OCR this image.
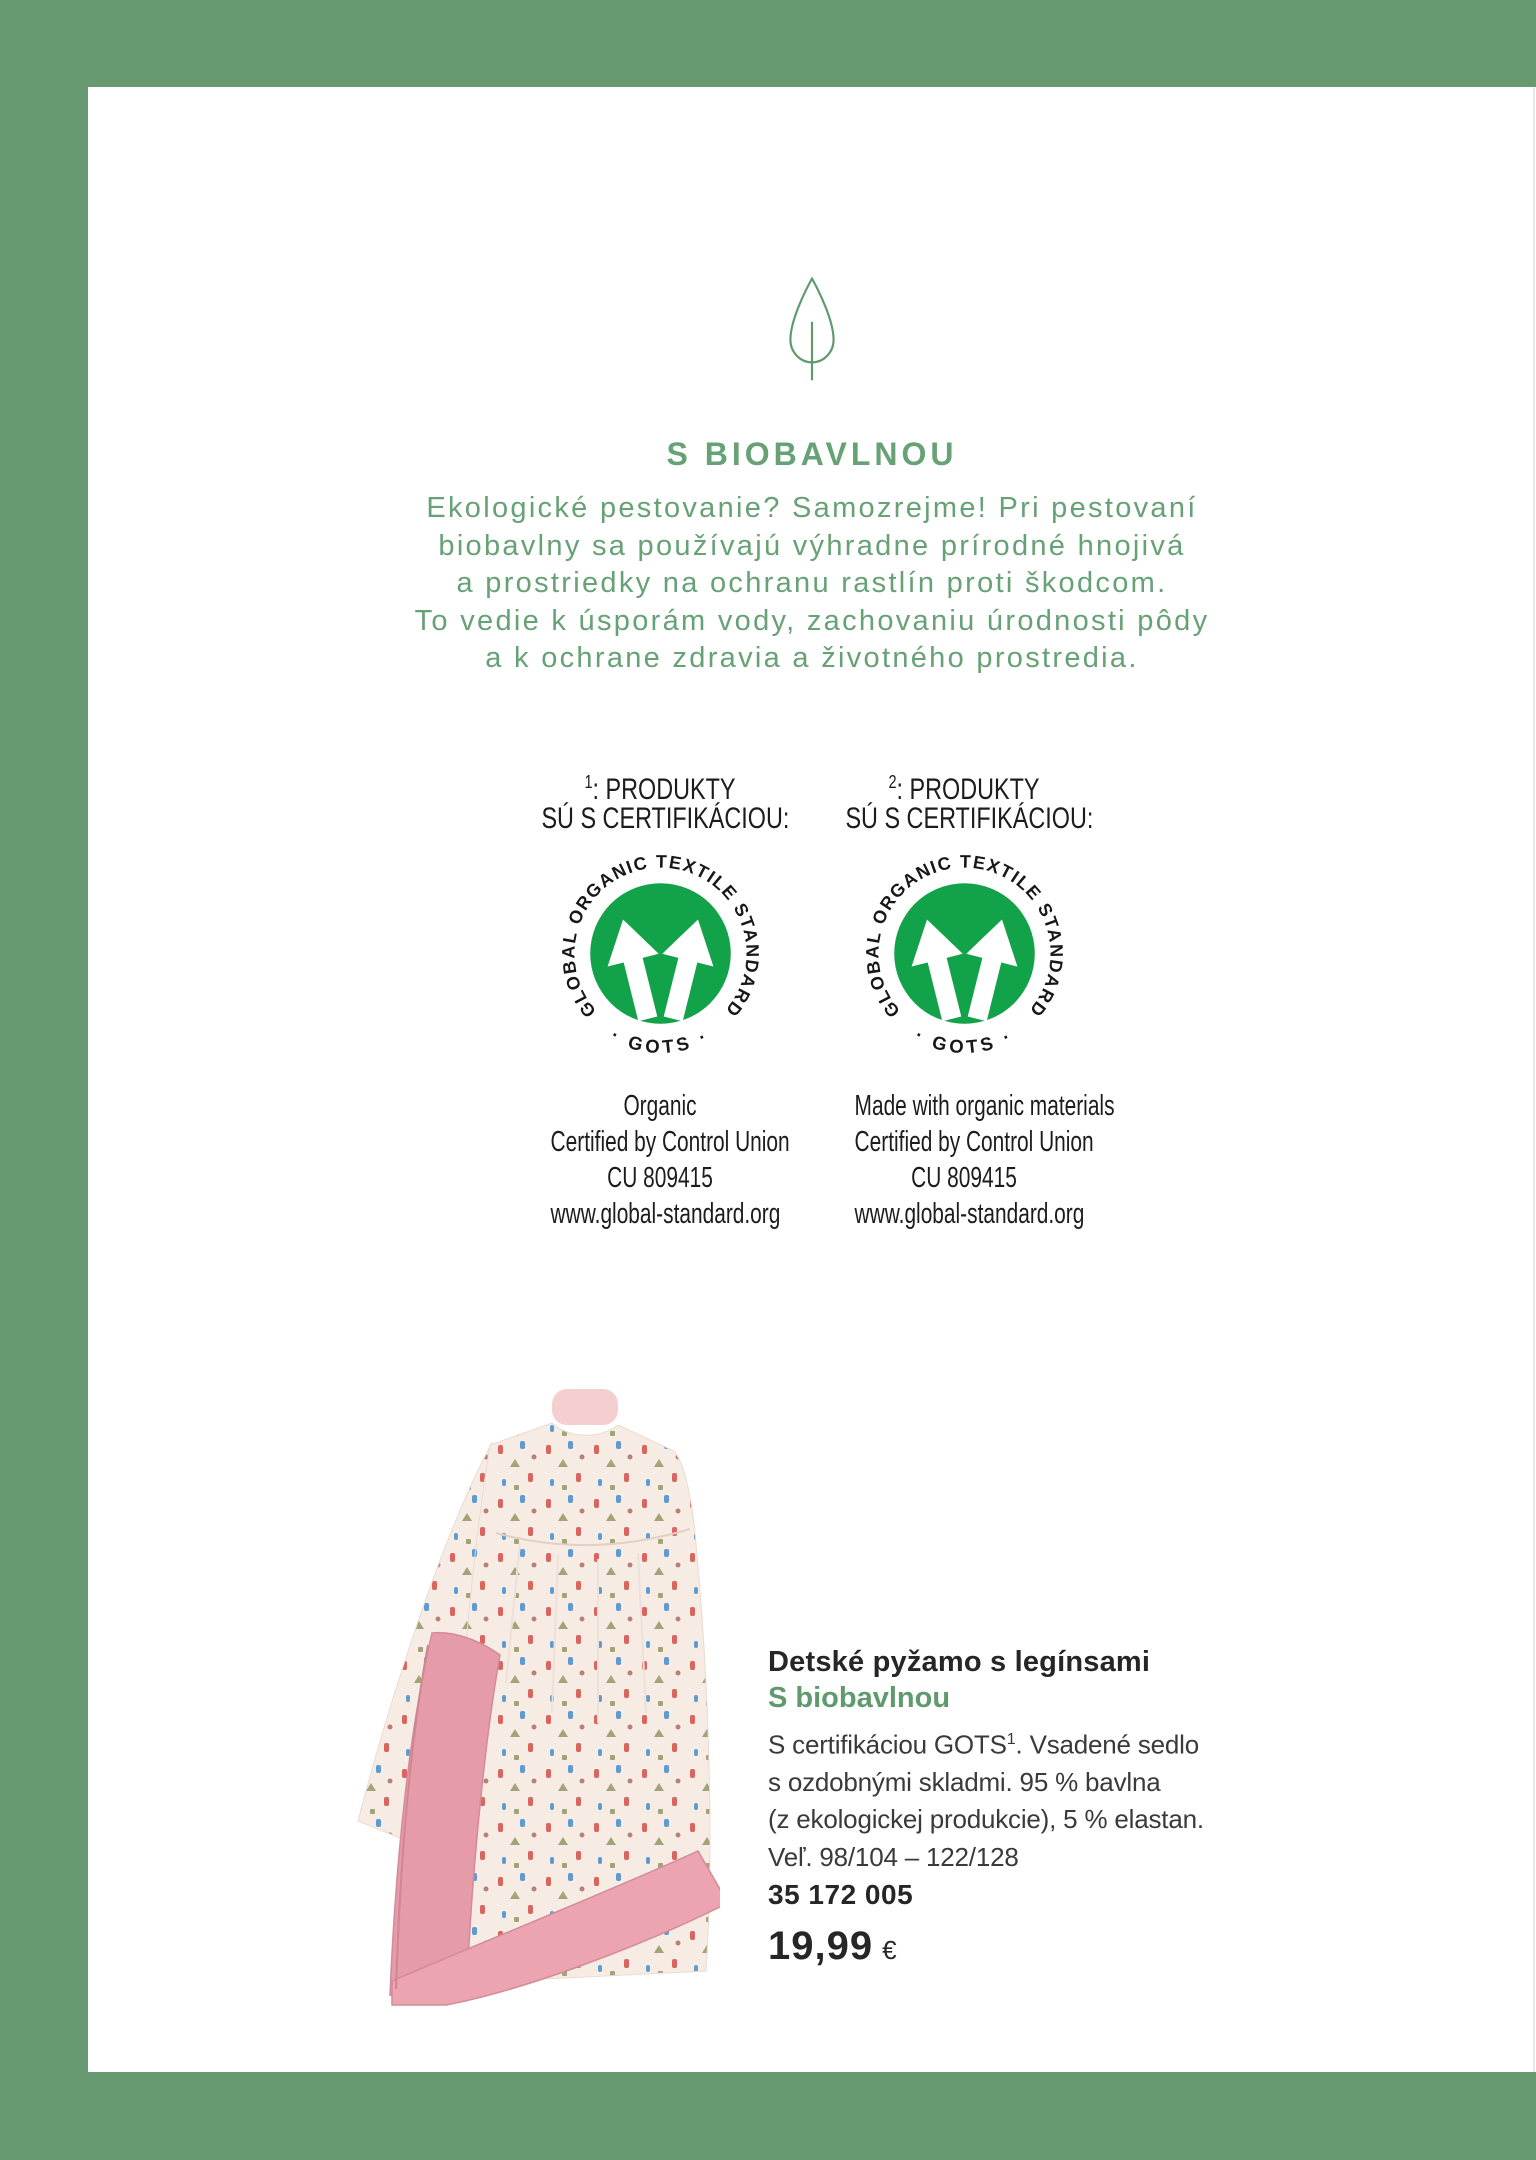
S BIOBAVLNOU
Ekologické pestovanie? Samozrejme! Pri pestovaní
biobavlny sa používajú výhradne prírodné hnojivá
a prostriedky na ochranu rastlín proti škodcom.
To vedie k úsporám vody, zachovaniu úrodnosti pôdy
a k ochrane zdravia a životného prostredia.
$^1$: PRODUKTY
SÚ S CERTIFIKÁCIOU:
GLOBAL ORGANIC TEXTILE STANDARD
· GOTS ·
Organic
Certified by Control Union
CU 809415
www.global-standard.org
$^2$: PRODUKTY
SÚ S CERTIFIKÁCIOU:
GLOBAL ORGANIC TEXTILE STANDARD
· GOTS ·
Made with organic materials
Certified by Control Union
CU 809415
www.global-standard.org
Detské pyžamo s legínsami
S biobavlnou
S certifikáciou GOTS$^1$. Vsadené sedlo
s ozdobnými skladmi. 95 % bavlna
(z ekologickej produkcie), 5 % elastan.
Veľ. 98/104 – 122/128
35 172 005
19,99 €
